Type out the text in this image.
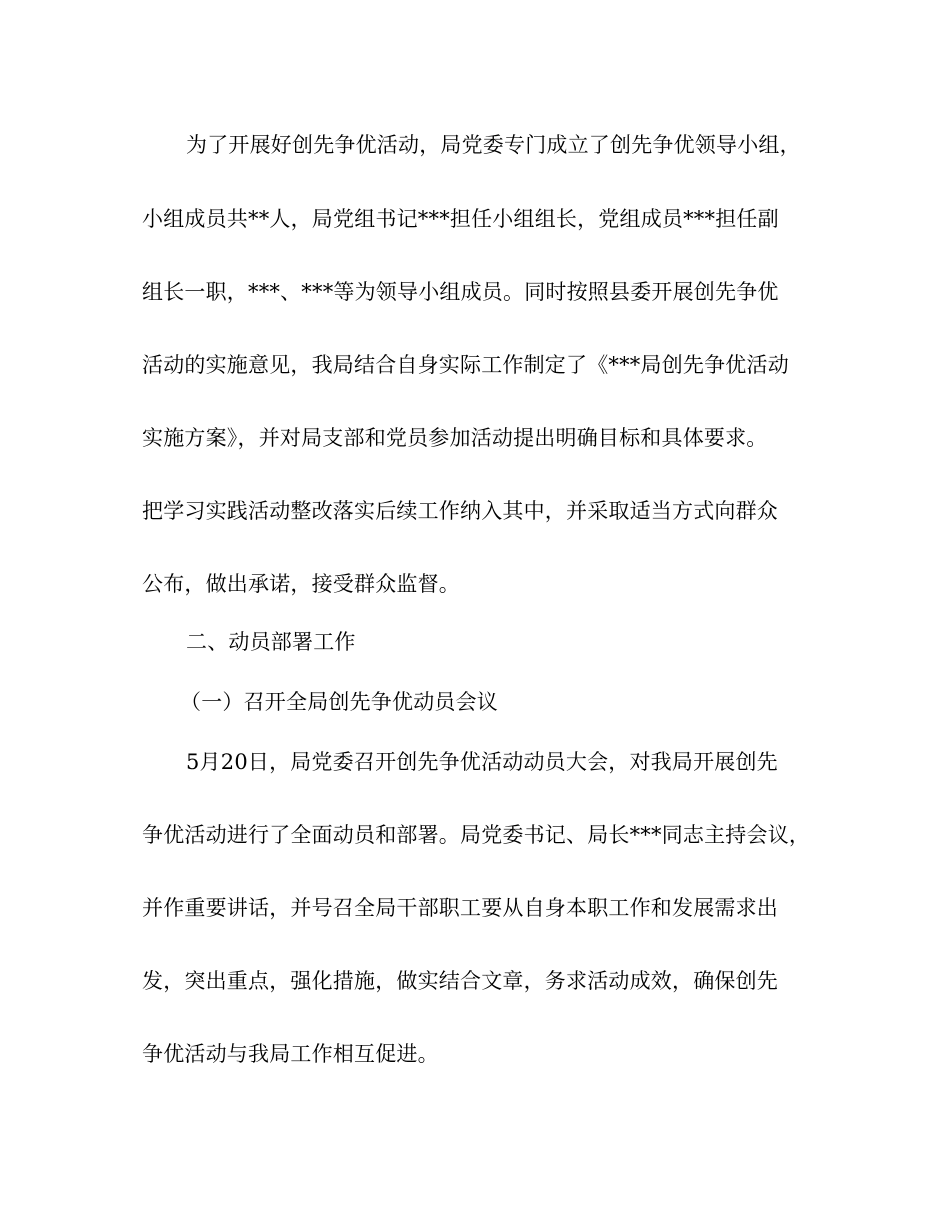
为了开展好创先争优活动，局党委专门成立了创先争优领导小组，
小组成员共**人，局党组书记***担任小组组长，党组成员***担任副
组长一职，***、***等为领导小组成员。同时按照县委开展创先争优
活动的实施意见，我局结合自身实际工作制定了《***局创先争优活动
实施方案》，并对局支部和党员参加活动提出明确目标和具体要求。
把学习实践活动整改落实后续工作纳入其中，并采取适当方式向群众
公布，做出承诺，接受群众监督。
二、动员部署工作
（一）召开全局创先争优动员会议
5月20日，局党委召开创先争优活动动员大会，对我局开展创先
争优活动进行了全面动员和部署。局党委书记、局长***同志主持会议，
并作重要讲话，并号召全局干部职工要从自身本职工作和发展需求出
发，突出重点，强化措施，做实结合文章，务求活动成效，确保创先
争优活动与我局工作相互促进。
